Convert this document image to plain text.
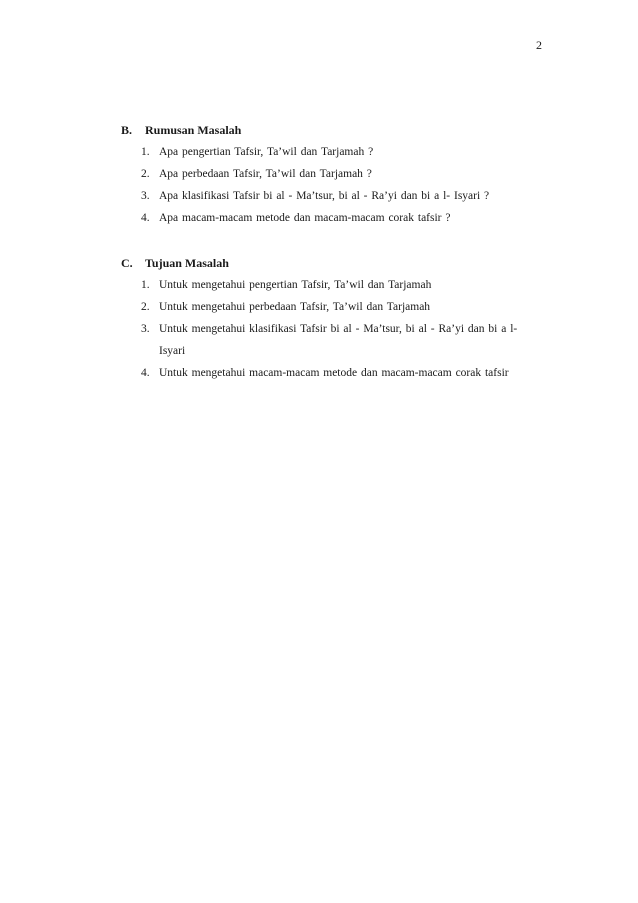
2
B. Rumusan Masalah
1. Apa pengertian Tafsir, Ta’wil dan Tarjamah ?
2. Apa perbedaan Tafsir, Ta’wil dan Tarjamah ?
3. Apa klasifikasi Tafsir bi al - Ma’tsur, bi al - Ra’yi dan bi a l- Isyari ?
4. Apa macam-macam metode dan macam-macam corak tafsir ?
C. Tujuan Masalah
1. Untuk mengetahui pengertian Tafsir, Ta’wil dan Tarjamah
2. Untuk mengetahui perbedaan Tafsir, Ta’wil dan Tarjamah
3. Untuk mengetahui klasifikasi Tafsir bi al - Ma’tsur, bi al - Ra’yi dan bi a l-
Isyari
4. Untuk mengetahui macam-macam metode dan macam-macam corak tafsir
